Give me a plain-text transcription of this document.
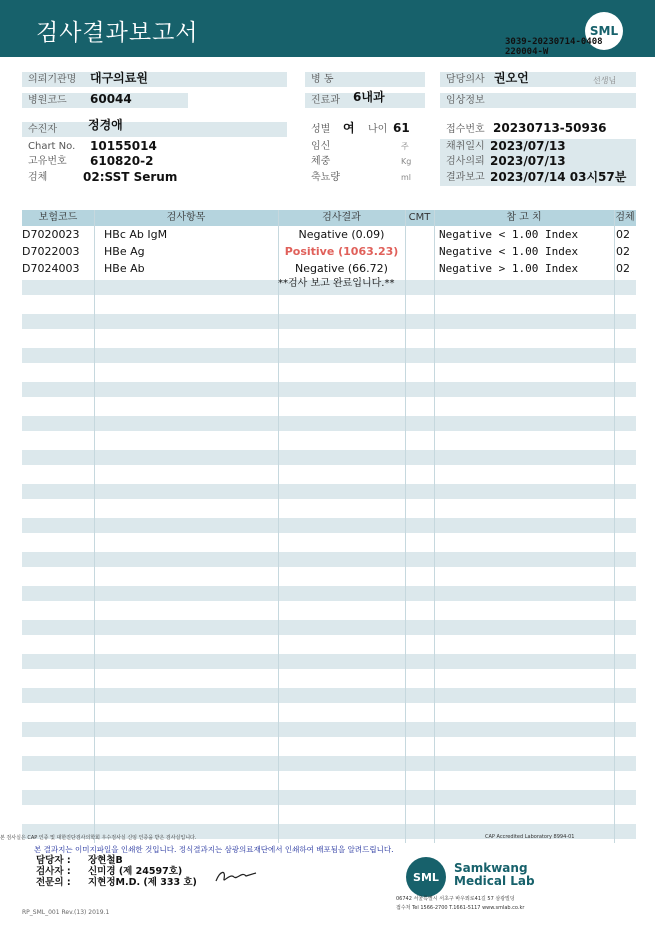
검사결과보고서	SML
3039-20230714-0408
220004-W
의뢰기관명	대구의료원
병원코드	60044
수진자	정경애
Chart No. 10155014
고유번호 610820-2
검체	02:SST Serum
병 동
진료과	6내과
성별 여	나이 61
임신	주
체중	Kg
축뇨량	ml
담당의사 권오언	선생님
임상정보
접수번호 20230713-50936
채취일시 2023/07/13
검사의뢰 2023/07/13
결과보고 2023/07/14 03시57분
보험코드	검사항목	검사결과	CMT	참 고 치	검체
D7020023 HBc Ab IgM	Negative (0.09)	Negative < 1.00 Index	02
D7022003 HBe Ag	Positive (1063.23)	Negative < 1.00 Index	02
D7024003 HBe Ab	Negative (66.72)	Negative > 1.00 Index	02
**검사 보고 완료입니다.**
본 검사실은 CAP 인증 및 대한진단검사의학회 우수검사실 신임 인증을 받은 검사실입니다.	CAP Accredited Laboratory 8994-01
본 결과지는 이미지파일을 인쇄한 것입니다. 정식결과지는 삼광의료재단에서 인쇄하여 배포됨을 알려드립니다.
담당자 : 장현철B
검사자 : 신미경 (제 24597호)
전문의 : 지현정M.D. (제 333 호)	SML
Samkwang
Medical Lab
06742 서울특별시 서초구 바우뫼로41길 57 삼광빌딩
접수처 Tel 1566-2700 T.1661-5117 www.smlab.co.kr
RP_SML_001 Rev.(13) 2019.1
